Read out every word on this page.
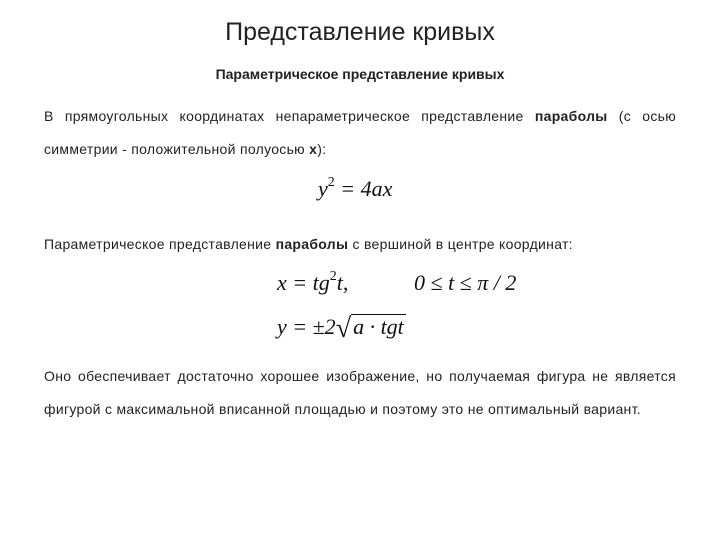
Представление кривых
Параметрическое представление кривых
В прямоугольных координатах непараметрическое представление параболы (с осью симметрии - положительной полуосью x):
$y^2 = 4ax$
Параметрическое представление параболы с вершиной в центре координат:
$x = tg^2t$,	0 ≤ t ≤ π / 2
y = ±2√a · tgt
Оно обеспечивает достаточно хорошее изображение, но получаемая фигура не является фигурой с максимальной вписанной площадью и поэтому это не оптимальный вариант.
